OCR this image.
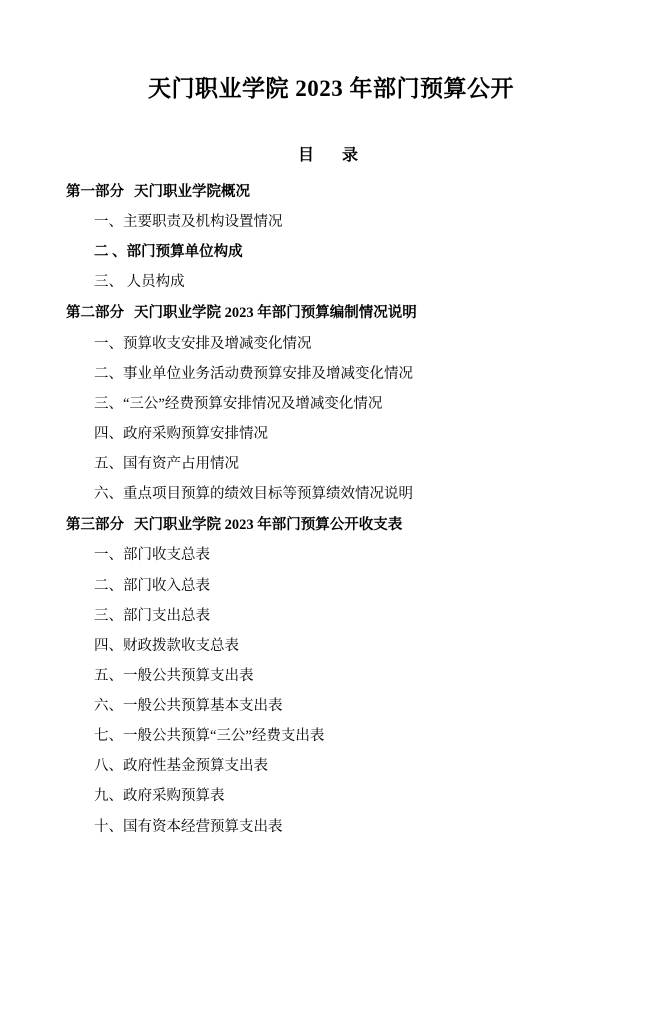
天门职业学院 2023 年部门预算公开
目　录
第一部分 天门职业学院概况
一、主要职责及机构设置情况
二 、部门预算单位构成
三、 人员构成
第二部分 天门职业学院 2023 年部门预算编制情况说明
一、预算收支安排及增减变化情况
二、事业单位业务活动费预算安排及增减变化情况
三、“三公”经费预算安排情况及增减变化情况
四、政府采购预算安排情况
五、国有资产占用情况
六、重点项目预算的绩效目标等预算绩效情况说明
第三部分 天门职业学院 2023 年部门预算公开收支表
一、部门收支总表
二、部门收入总表
三、部门支出总表
四、财政拨款收支总表
五、一般公共预算支出表
六、一般公共预算基本支出表
七、一般公共预算“三公”经费支出表
八、政府性基金预算支出表
九、政府采购预算表
十、国有资本经营预算支出表
